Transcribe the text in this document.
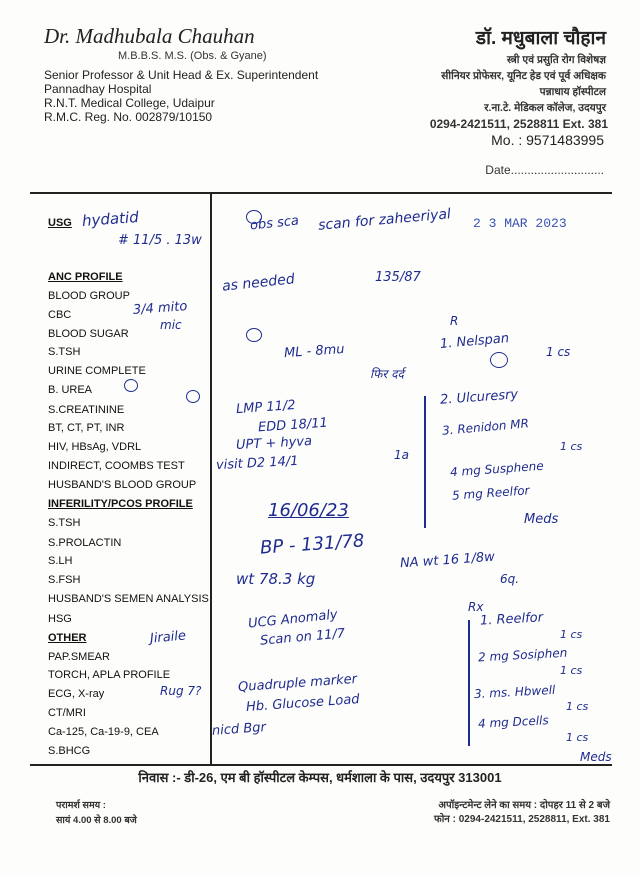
Dr. Madhubala Chauhan
M.B.B.S. M.S. (Obs. & Gyane)
Senior Professor & Unit Head & Ex. Superintendent
Pannadhay Hospital
R.N.T. Medical College, Udaipur
R.M.C. Reg. No. 002879/10150
डॉ. मधुबाला चौहान
स्त्री एवं प्रसुति रोग विशेषज्ञ
सीनियर प्रोफेसर, यूनिट हेड एवं पूर्व अधिक्षक
पन्नाधाय हॉस्पीटल
र.ना.टे. मेडिकल कॉलेज, उदयपुर
0294-2421511, 2528811 Ext. 381
Mo. : 9571483995
Date............................
USG
ANC PROFILE
BLOOD GROUP
CBC
BLOOD SUGAR
S.TSH
URINE COMPLETE
B. UREA
S.CREATININE
BT, CT, PT, INR
HIV, HBsAg, VDRL
INDIRECT, COOMBS TEST
HUSBAND'S BLOOD GROUP
INFERILITY/PCOS PROFILE
S.TSH
S.PROLACTIN
S.LH
S.FSH
HUSBAND'S SEMEN ANALYSIS
HSG
OTHER
PAP.SMEAR
TORCH, APLA PROFILE
ECG, X-ray
CT/MRI
Ca-125, Ca-19-9, CEA
S.BHCG
2 3 MAR 2023
hydatid
# 11/5 . 13w
obs sca scan for zaheeriyal
3/4 mito
mic
as needed	135/87
ML - 8mu
फिर दर्द
R
1. Nelspan
1 cs
2. Ulcuresry
3. Renidon MR
1 cs
4 mg Susphene
5 mg Reelfor
Meds
LMP 11/2
EDD 18/11
UPT + hyva
1a
visit D2 14/1
16/06/23
BP - 131/78
wt 78.3 kg
NA wt 16 1/8w
6q.
UCG Anomaly
Scan on 11/7
Jiraile
Quadruple marker
Hb. Glucose Load
nicd Bgr
Rug 7?
Rx
1. Reelfor
1 cs
2 mg Sosiphen
1 cs
3. ms. Hbwell
1 cs
4 mg Dcells
1 cs
Meds
निवास :- डी-26, एम बी हॉस्पीटल केम्पस, धर्मशाला के पास, उदयपुर 313001
परामर्श समय :
सायं 4.00 से 8.00 बजे
अपॉइन्टमेन्ट लेने का समय : दोपहर 11 से 2 बजे
फोन : 0294-2421511, 2528811, Ext. 381
